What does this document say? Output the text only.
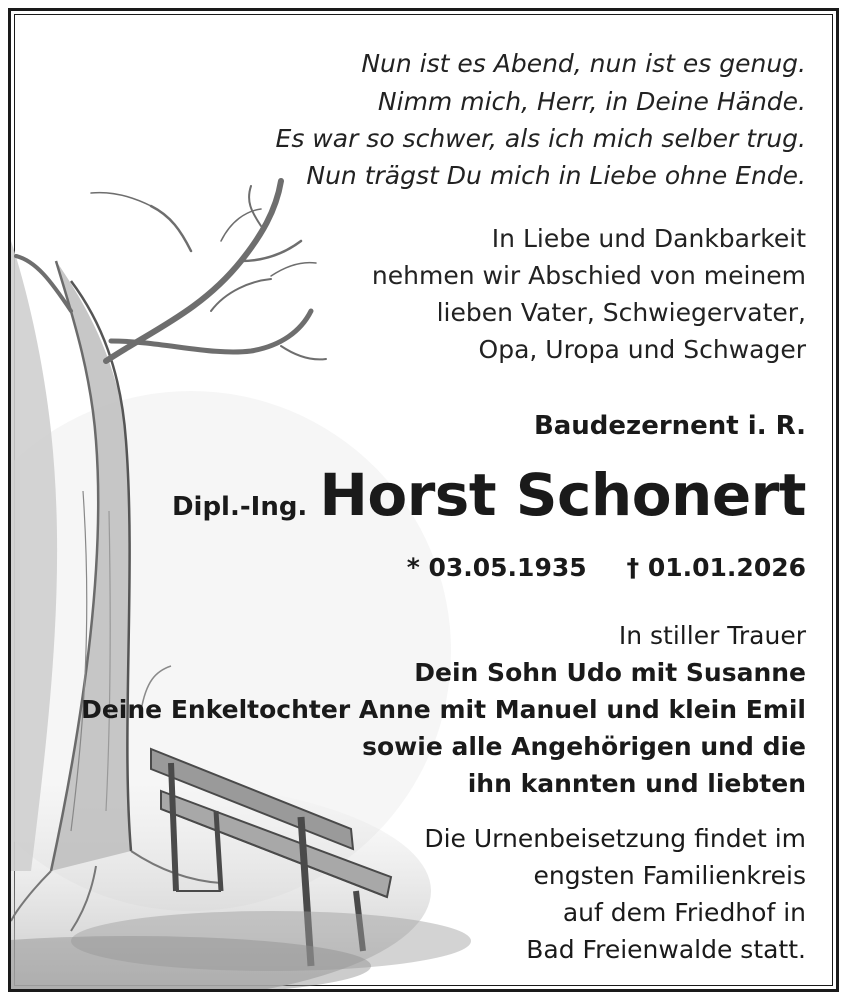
Nun ist es Abend, nun ist es genug.
Nimm mich, Herr, in Deine Hände.
Es war so schwer, als ich mich selber trug.
Nun trägst Du mich in Liebe ohne Ende.
In Liebe und Dankbarkeit
nehmen wir Abschied von meinem
lieben Vater, Schwiegervater,
Opa, Uropa und Schwager
Baudezernent i. R.
Dipl.-Ing. Horst Schonert
* 03.05.1935 † 01.01.2026
In stiller Trauer
Dein Sohn Udo mit Susanne
Deine Enkeltochter Anne mit Manuel und klein Emil
sowie alle Angehörigen und die
ihn kannten und liebten
Die Urnenbeisetzung findet im
engsten Familienkreis
auf dem Friedhof in
Bad Freienwalde statt.
